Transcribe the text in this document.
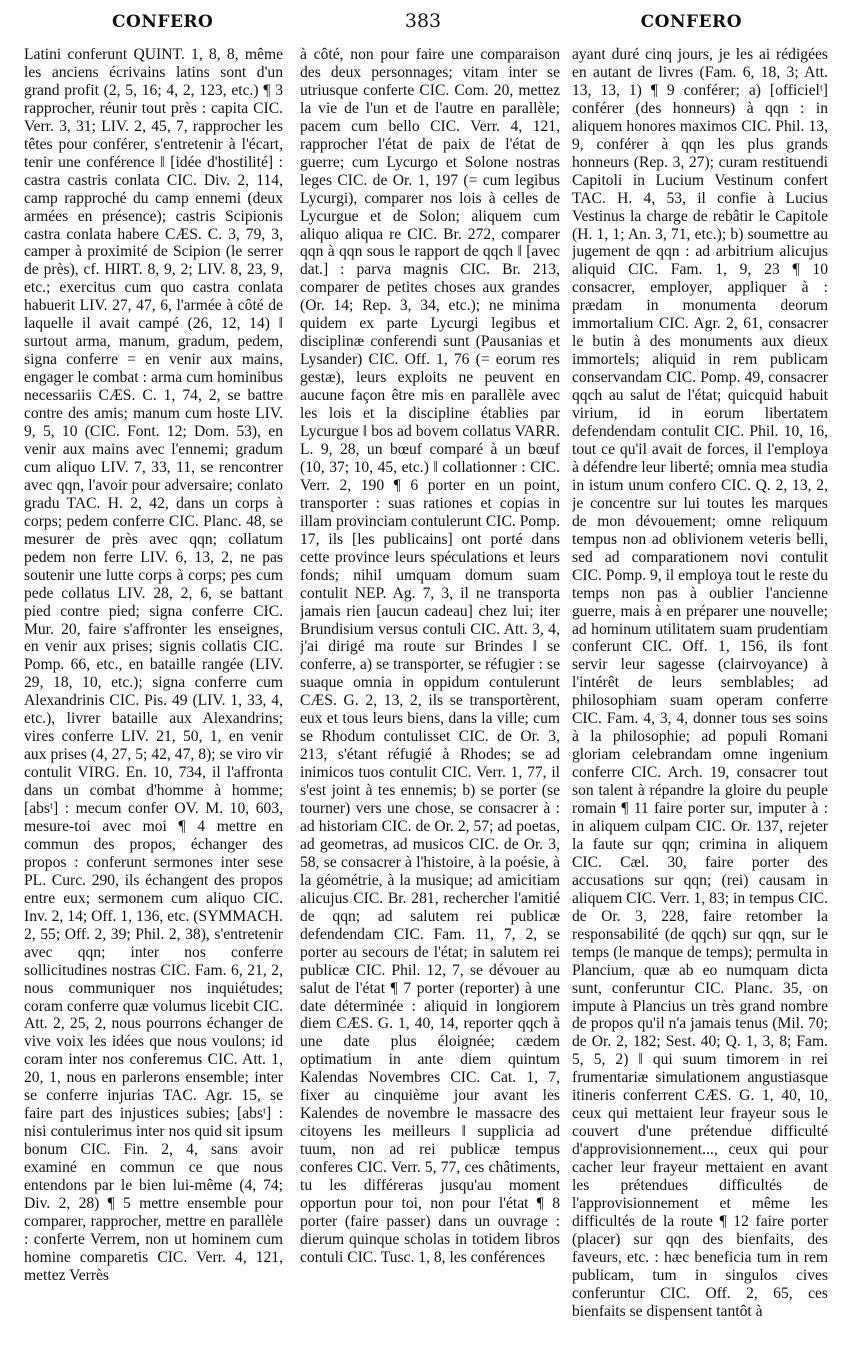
CONFERO	383	CONFERO

Latini conferunt QUINT. 1, 8, 8, même les anciens écrivains latins sont d'un grand profit (2, 5, 16; 4, 2, 123, etc.) ¶ 3 rapprocher, réunir tout près : capita CIC. Verr. 3, 31; LIV. 2, 45, 7, rapprocher les têtes pour conférer, s'entretenir à l'écart, tenir une conférence ‖ [idée d'hostilité] : castra castris conlata CIC. Div. 2, 114, camp rapproché du camp ennemi (deux armées en présence); castris Scipionis castra conlata habere CÆS. C. 3, 79, 3, camper à proximité de Scipion (le serrer de près), cf. HIRT. 8, 9, 2; LIV. 8, 23, 9, etc.; exercitus cum quo castra conlata habuerit LIV. 27, 47, 6, l'armée à côté de laquelle il avait campé (26, 12, 14) ‖ surtout arma, manum, gradum, pedem, signa conferre = en venir aux mains, engager le combat : arma cum hominibus necessariis CÆS. C. 1, 74, 2, se battre contre des amis; manum cum hoste LIV. 9, 5, 10 (CIC. Font. 12; Dom. 53), en venir aux mains avec l'ennemi; gradum cum aliquo LIV. 7, 33, 11, se rencontrer avec qqn, l'avoir pour adversaire; conlato gradu TAC. H. 2, 42, dans un corps à corps; pedem conferre CIC. Planc. 48, se mesurer de près avec qqn; collatum pedem non ferre LIV. 6, 13, 2, ne pas soutenir une lutte corps à corps; pes cum pede collatus LIV. 28, 2, 6, se battant pied contre pied; signa conferre CIC. Mur. 20, faire s'affronter les enseignes, en venir aux prises; signis collatis CIC. Pomp. 66, etc., en bataille rangée (LIV. 29, 18, 10, etc.); signa conferre cum Alexandrinis CIC. Pis. 49 (LIV. 1, 33, 4, etc.), livrer bataille aux Alexandrins; vires conferre LIV. 21, 50, 1, en venir aux prises (4, 27, 5; 42, 47, 8); se viro vir contulit VIRG. En. 10, 734, il l'affronta dans un combat d'homme à homme; [absᵗ] : mecum confer OV. M. 10, 603, mesure-toi avec moi ¶ 4 mettre en commun des propos, échanger des propos : conferunt sermones inter sese PL. Curc. 290, ils échangent des propos entre eux; sermonem cum aliquo CIC. Inv. 2, 14; Off. 1, 136, etc. (SYMMACH. 2, 55; Off. 2, 39; Phil. 2, 38), s'entretenir avec qqn; inter nos conferre sollicitudines nostras CIC. Fam. 6, 21, 2, nous communiquer nos inquiétudes; coram conferre quæ volumus licebit CIC. Att. 2, 25, 2, nous pourrons échanger de vive voix les idées que nous voulons; id coram inter nos conferemus CIC. Att. 1, 20, 1, nous en parlerons ensemble; inter se conferre injurias TAC. Agr. 15, se faire part des injustices subies; [absᵗ] : nisi contulerimus inter nos quid sit ipsum bonum CIC. Fin. 2, 4, sans avoir examiné en commun ce que nous entendons par le bien lui-même (4, 74; Div. 2, 28) ¶ 5 mettre ensemble pour comparer, rapprocher, mettre en parallèle : conferte Verrem, non ut hominem cum homine comparetis CIC. Verr. 4, 121, mettez Verrès

à côté, non pour faire une comparaison des deux personnages; vitam inter se utriusque conferte CIC. Com. 20, mettez la vie de l'un et de l'autre en parallèle; pacem cum bello CIC. Verr. 4, 121, rapprocher l'état de paix de l'état de guerre; cum Lycurgo et Solone nostras leges CIC. de Or. 1, 197 (= cum legibus Lycurgi), comparer nos lois à celles de Lycurgue et de Solon; aliquem cum aliquo aliqua re CIC. Br. 272, comparer qqn à qqn sous le rapport de qqch ‖ [avec dat.] : parva magnis CIC. Br. 213, comparer de petites choses aux grandes (Or. 14; Rep. 3, 34, etc.); ne minima quidem ex parte Lycurgi legibus et disciplinæ conferendi sunt (Pausanias et Lysander) CIC. Off. 1, 76 (= eorum res gestæ), leurs exploits ne peuvent en aucune façon être mis en parallèle avec les lois et la discipline établies par Lycurgue ‖ bos ad bovem collatus VARR. L. 9, 28, un bœuf comparé à un bœuf (10, 37; 10, 45, etc.) ‖ collationner : CIC. Verr. 2, 190 ¶ 6 porter en un point, transporter : suas rationes et copias in illam provinciam contulerunt CIC. Pomp. 17, ils [les publicains] ont porté dans cette province leurs spéculations et leurs fonds; nihil umquam domum suam contulit NEP. Ag. 7, 3, il ne transporta jamais rien [aucun cadeau] chez lui; iter Brundisium versus contuli CIC. Att. 3, 4, j'ai dirigé ma route sur Brindes ‖ se conferre, a) se transporter, se réfugier : se suaque omnia in oppidum contulerunt CÆS. G. 2, 13, 2, ils se transportèrent, eux et tous leurs biens, dans la ville; cum se Rhodum contulisset CIC. de Or. 3, 213, s'étant réfugié à Rhodes; se ad inimicos tuos contulit CIC. Verr. 1, 77, il s'est joint à tes ennemis; b) se porter (se tourner) vers une chose, se consacrer à : ad historiam CIC. de Or. 2, 57; ad poetas, ad geometras, ad musicos CIC. de Or. 3, 58, se consacrer à l'histoire, à la poésie, à la géométrie, à la musique; ad amicitiam alicujus CIC. Br. 281, rechercher l'amitié de qqn; ad salutem rei publicæ defendendam CIC. Fam. 11, 7, 2, se porter au secours de l'état; in salutem rei publicæ CIC. Phil. 12, 7, se dévouer au salut de l'état ¶ 7 porter (reporter) à une date déterminée : aliquid in longiorem diem CÆS. G. 1, 40, 14, reporter qqch à une date plus éloignée; cædem optimatium in ante diem quintum Kalendas Novembres CIC. Cat. 1, 7, fixer au cinquième jour avant les Kalendes de novembre le massacre des citoyens les meilleurs ‖ supplicia ad tuum, non ad rei publicæ tempus conferes CIC. Verr. 5, 77, ces châtiments, tu les différeras jusqu'au moment opportun pour toi, non pour l'état ¶ 8 porter (faire passer) dans un ouvrage : dierum quinque scholas in totidem libros contuli CIC. Tusc. 1, 8, les conférences

ayant duré cinq jours, je les ai rédigées en autant de livres (Fam. 6, 18, 3; Att. 13, 13, 1) ¶ 9 conférer; a) [officielᵗ] conférer (des honneurs) à qqn : in aliquem honores maximos CIC. Phil. 13, 9, conférer à qqn les plus grands honneurs (Rep. 3, 27); curam restituendi Capitoli in Lucium Vestinum confert TAC. H. 4, 53, il confie à Lucius Vestinus la charge de rebâtir le Capitole (H. 1, 1; An. 3, 71, etc.); b) soumettre au jugement de qqn : ad arbitrium alicujus aliquid CIC. Fam. 1, 9, 23 ¶ 10 consacrer, employer, appliquer à : prædam in monumenta deorum immortalium CIC. Agr. 2, 61, consacrer le butin à des monuments aux dieux immortels; aliquid in rem publicam conservandam CIC. Pomp. 49, consacrer qqch au salut de l'état; quicquid habuit virium, id in eorum libertatem defendendam contulit CIC. Phil. 10, 16, tout ce qu'il avait de forces, il l'employa à défendre leur liberté; omnia mea studia in istum unum confero CIC. Q. 2, 13, 2, je concentre sur lui toutes les marques de mon dévouement; omne reliquum tempus non ad oblivionem veteris belli, sed ad comparationem novi contulit CIC. Pomp. 9, il employa tout le reste du temps non pas à oublier l'ancienne guerre, mais à en préparer une nouvelle; ad hominum utilitatem suam prudentiam conferunt CIC. Off. 1, 156, ils font servir leur sagesse (clairvoyance) à l'intérêt de leurs semblables; ad philosophiam suam operam conferre CIC. Fam. 4, 3, 4, donner tous ses soins à la philosophie; ad populi Romani gloriam celebrandam omne ingenium conferre CIC. Arch. 19, consacrer tout son talent à répandre la gloire du peuple romain ¶ 11 faire porter sur, imputer à : in aliquem culpam CIC. Or. 137, rejeter la faute sur qqn; crimina in aliquem CIC. Cæl. 30, faire porter des accusations sur qqn; (rei) causam in aliquem CIC. Verr. 1, 83; in tempus CIC. de Or. 3, 228, faire retomber la responsabilité (de qqch) sur qqn, sur le temps (le manque de temps); permulta in Plancium, quæ ab eo numquam dicta sunt, conferuntur CIC. Planc. 35, on impute à Plancius un très grand nombre de propos qu'il n'a jamais tenus (Mil. 70; de Or. 2, 182; Sest. 40; Q. 1, 3, 8; Fam. 5, 5, 2) ‖ qui suum timorem in rei frumentariæ simulationem angustiasque itineris conferrent CÆS. G. 1, 40, 10, ceux qui mettaient leur frayeur sous le couvert d'une prétendue difficulté d'approvisionnement..., ceux qui pour cacher leur frayeur mettaient en avant les prétendues difficultés de l'approvisionnement et même les difficultés de la route ¶ 12 faire porter (placer) sur qqn des bienfaits, des faveurs, etc. : hæc beneficia tum in rem publicam, tum in singulos cives conferuntur CIC. Off. 2, 65, ces bienfaits se dispensent tantôt à
